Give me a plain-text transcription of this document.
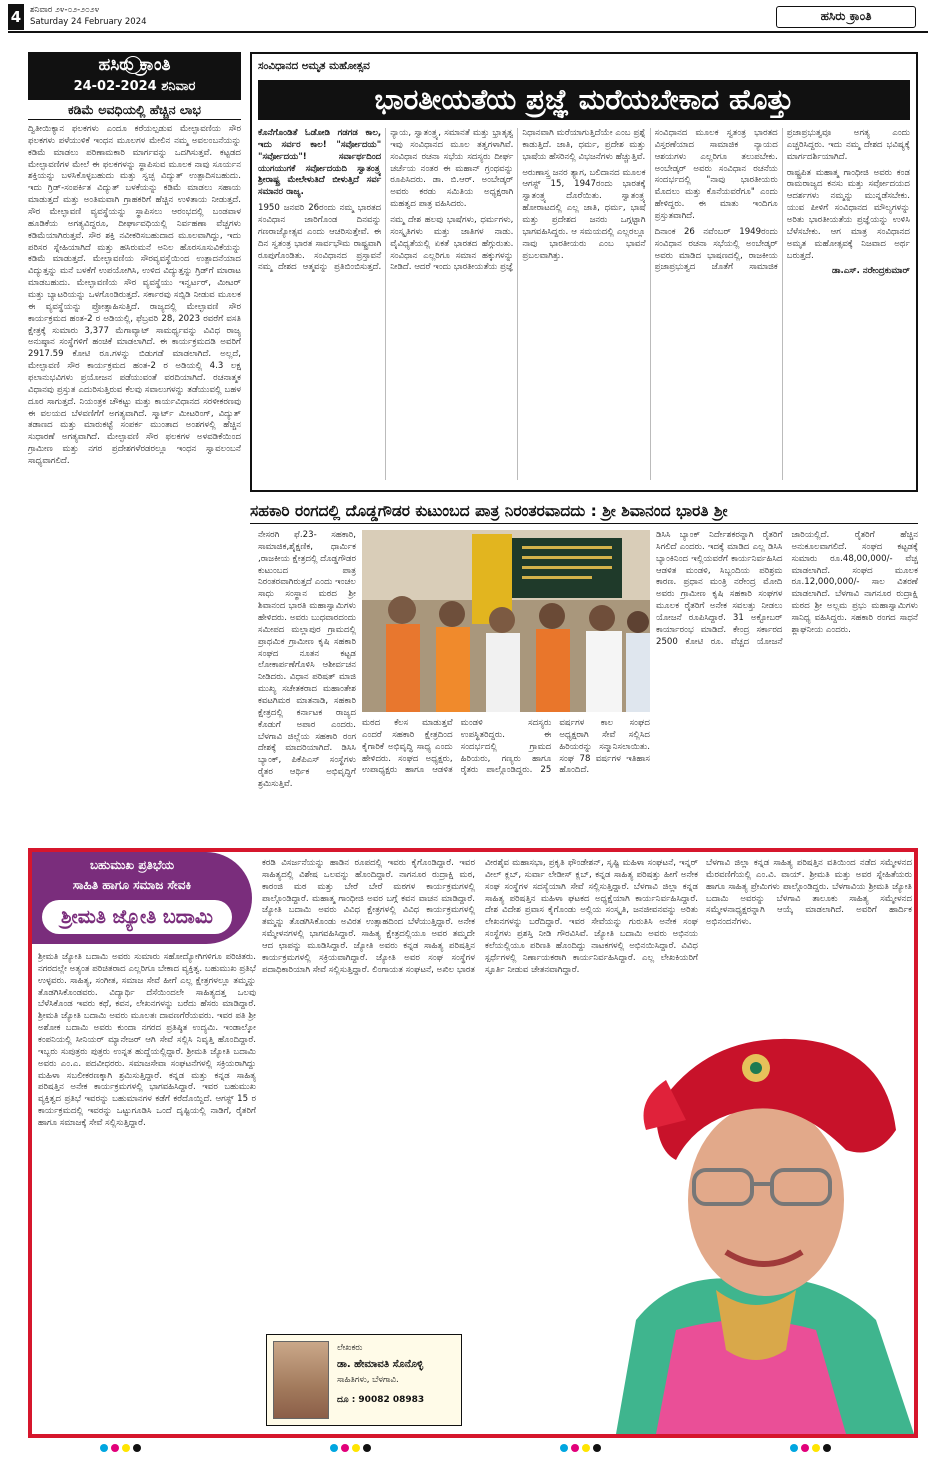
4	ಶನಿವಾರ ೨೪-೦೨-೨೦೨೪
Saturday 24 February 2024	ಹಸಿರು ಕ್ರಾಂತಿ
ಹಸಿರು ಕ್ರಾಂತಿ
24-02-2024 ಶನಿವಾರ
ಕಡಿಮೆ ಅವಧಿಯಲ್ಲಿ ಹೆಚ್ಚಿನ ಲಾಭ
ದ್ವಿತೀಯಿಕ್ಯಾನ ಫಲಕಗಳು ಎಂದೂ ಕರೆಯಲ್ಪಡುವ ಮೇಲ್ಛಾವಣಿಯ ಸೌರ ಫಲಕಗಳು ಪಳೆಯುಳಿಕೆ ಇಂಧನ ಮೂಲಗಳ ಮೇಲಿನ ನಮ್ಮ ಅವಲಂಬನೆಯನ್ನು ಕಡಿಮೆ ಮಾಡಲು ಪರಿಣಾಮಕಾರಿ ಮಾರ್ಗವನ್ನು ಒದಗಿಸುತ್ತವೆ. ಕಟ್ಟಡದ ಮೇಲ್ಛಾವಣಿಗಳ ಮೇಲೆ ಈ ಫಲಕಗಳನ್ನು ಸ್ಥಾಪಿಸುವ ಮೂಲಕ ನಾವು ಸೂರ್ಯನ ಶಕ್ತಿಯನ್ನು ಬಳಸಿಕೊಳ್ಳಬಹುದು ಮತ್ತು ಸ್ವಚ್ಛ ವಿದ್ಯುತ್ ಉತ್ಪಾದಿಸಬಹುದು. ಇದು ಗ್ರಿಡ್-ಸಂಪರ್ಕಿತ ವಿದ್ಯುತ್ ಬಳಕೆಯನ್ನು ಕಡಿಮೆ ಮಾಡಲು ಸಹಾಯ ಮಾಡುತ್ತದೆ ಮತ್ತು ಅಂತಿಮವಾಗಿ ಗ್ರಾಹಕರಿಗೆ ಹೆಚ್ಚಿನ ಉಳಿತಾಯ ನೀಡುತ್ತದೆ. ಸೌರ ಮೇಲ್ಛಾವಣಿ ವ್ಯವಸ್ಥೆಯನ್ನು ಸ್ಥಾಪಿಸಲು ಆರಂಭದಲ್ಲಿ ಬಂಡವಾಳ ಹೂಡಿಕೆಯ ಅಗತ್ಯವಿದ್ದರೂ, ದೀರ್ಘಾವಧಿಯಲ್ಲಿ ನಿರ್ವಹಣಾ ವೆಚ್ಚಗಳು ಕಡಿಮೆಯಾಗಿರುತ್ತವೆ. ಸೌರ ಶಕ್ತಿ ನವೀಕರಿಸಬಹುದಾದ ಮೂಲವಾಗಿದ್ದು, ಇದು ಪರಿಸರ ಸ್ನೇಹಿಯಾಗಿದೆ ಮತ್ತು ಹಸಿರುಮನೆ ಅನಿಲ ಹೊರಸೂಸುವಿಕೆಯನ್ನು ಕಡಿಮೆ ಮಾಡುತ್ತದೆ. ಮೇಲ್ಛಾವಣಿಯ ಸೌರವ್ಯವಸ್ಥೆಯಿಂದ ಉತ್ಪಾದನೆಯಾದ ವಿದ್ಯುತ್ತನ್ನು ಮನೆ ಬಳಕೆಗೆ ಉಪಯೋಗಿಸಿ, ಉಳಿದ ವಿದ್ಯುತ್ತನ್ನು ಗ್ರಿಡ್‌ಗೆ ಮಾರಾಟ ಮಾಡಬಹುದು. ಮೇಲ್ಛಾವಣಿಯ ಸೌರ ವ್ಯವಸ್ಥೆಯು ಇನ್ವರ್ಟರ್, ಮೀಟರ್ ಮತ್ತು ಬ್ಯಾಟರಿಯನ್ನು ಒಳಗೊಂಡಿರುತ್ತದೆ. ಸರ್ಕಾರವು ಸಬ್ಸಿಡಿ ನೀಡುವ ಮೂಲಕ ಈ ವ್ಯವಸ್ಥೆಯನ್ನು ಪ್ರೋತ್ಸಾಹಿಸುತ್ತಿದೆ. ರಾಜ್ಯದಲ್ಲಿ ಮೇಲ್ಛಾವಣಿ ಸೌರ ಕಾರ್ಯಕ್ರಮದ ಹಂತ-2 ರ ಅಡಿಯಲ್ಲಿ, ಫೆಬ್ರವರಿ 28, 2023 ರವರೆಗೆ ವಸತಿ ಕ್ಷೇತ್ರಕ್ಕೆ ಸುಮಾರು 3,377 ಮೆಗಾವ್ಯಾಟ್ ಸಾಮರ್ಥ್ಯವನ್ನು ವಿವಿಧ ರಾಜ್ಯ ಅನುಷ್ಠಾನ ಸಂಸ್ಥೆಗಳಿಗೆ ಹಂಚಿಕೆ ಮಾಡಲಾಗಿದೆ. ಈ ಕಾರ್ಯಕ್ರಮದಡಿ ಅವರಿಗೆ 2917.59 ಕೋಟಿ ರೂ.ಗಳನ್ನು ಬಿಡುಗಡೆ ಮಾಡಲಾಗಿದೆ. ಅಲ್ಲದೆ, ಮೇಲ್ಛಾವಣಿ ಸೌರ ಕಾರ್ಯಕ್ರಮದ ಹಂತ-2 ರ ಅಡಿಯಲ್ಲಿ 4.3 ಲಕ್ಷ ಫಲಾನುಭವಿಗಳು ಪ್ರಯೋಜನ ಪಡೆಯುವಂತೆ ವರದಿಯಾಗಿದೆ. ರಚನಾತ್ಮಕ ವಿಧಾನವು ಪ್ರಸ್ತುತ ಎದುರಿಸುತ್ತಿರುವ ಕೆಲವು ಸವಾಲುಗಳನ್ನು ತಡೆಯುವಲ್ಲಿ ಬಹಳ ದೂರ ಸಾಗುತ್ತದೆ. ನಿಯಂತ್ರಕ ಚೌಕಟ್ಟು ಮತ್ತು ಕಾರ್ಯವಿಧಾನದ ಸರಳೀಕರಣವು ಈ ವಲಯದ ಬೆಳವಣಿಗೆಗೆ ಅಗತ್ಯವಾಗಿದೆ. ಸ್ಮಾರ್ಟ್ ಮೀಟರಿಂಗ್, ವಿದ್ಯುತ್ ತಡಾಣದ ಮತ್ತು ಮಾರುಕಟ್ಟೆ ಸಂಪರ್ಕ ಮುಂತಾದ ಅಂಶಗಳಲ್ಲಿ ಹೆಚ್ಚಿನ ಸುಧಾರಣೆ ಅಗತ್ಯವಾಗಿದೆ. ಮೇಲ್ಛಾವಣಿ ಸೌರ ಫಲಕಗಳ ಅಳವಡಿಕೆಯಿಂದ ಗ್ರಾಮೀಣ ಮತ್ತು ನಗರ ಪ್ರದೇಶಗಳೆರಡರಲ್ಲೂ ಇಂಧನ ಸ್ವಾವಲಂಬನೆ ಸಾಧ್ಯವಾಗಲಿದೆ.
ಸಂವಿಧಾನದ ಅಮೃತ ಮಹೋತ್ಸವ
ಭಾರತೀಯತೆಯ ಪ್ರಜ್ಞೆ ಮರೆಯಬೇಕಾದ ಹೊತ್ತು

ಕೊನೆಗೊಂಡಿತೆ ಓಡೋಡಿ ಗಡಗಡ ಕಾಲ, ಇದು ಸರ್ವರ ಕಾಲ! "ಸರ್ವೋದಯ" "ಸರ್ವೋದಯ"! ಸರ್ವಾರ್ಥದಿಂದ ಯುಗಯುಗಕೆ ಸರ್ವೋದಯದಿ ಸ್ವಾತಂತ್ರ್ಯ ಶ್ರೀರಾಷ್ಟ್ರ ಮೇಲೇಳುತಿದೆ ಬೀಳುತ್ತಿದೆ ಸರ್ವ ಸಮಾನರ ರಾಜ್ಯ.

1950 ಜನವರಿ 26ರಂದು ನಮ್ಮ ಭಾರತದ ಸಂವಿಧಾನ ಜಾರಿಗೊಂಡ ದಿನವನ್ನು ಗಣರಾಜ್ಯೋತ್ಸವ ಎಂದು ಆಚರಿಸುತ್ತೇವೆ. ಈ ದಿನ ಸ್ವತಂತ್ರ ಭಾರತ ಸಾರ್ವಭೌಮ ರಾಷ್ಟ್ರವಾಗಿ ರೂಪುಗೊಂಡಿತು. ಸಂವಿಧಾನದ ಪ್ರಸ್ತಾವನೆ ನಮ್ಮ ದೇಶದ ಆತ್ಮವನ್ನು ಪ್ರತಿಬಿಂಬಿಸುತ್ತದೆ. ನ್ಯಾಯ, ಸ್ವಾತಂತ್ರ್ಯ, ಸಮಾನತೆ ಮತ್ತು ಭ್ರಾತೃತ್ವ ಇವು ಸಂವಿಧಾನದ ಮೂಲ ತತ್ವಗಳಾಗಿವೆ. ಸಂವಿಧಾನ ರಚನಾ ಸಭೆಯ ಸದಸ್ಯರು ದೀರ್ಘ ಚರ್ಚೆಯ ನಂತರ ಈ ಮಹಾನ್ ಗ್ರಂಥವನ್ನು ರೂಪಿಸಿದರು. ಡಾ. ಬಿ.ಆರ್. ಅಂಬೇಡ್ಕರ್ ಅವರು ಕರಡು ಸಮಿತಿಯ ಅಧ್ಯಕ್ಷರಾಗಿ ಮಹತ್ವದ ಪಾತ್ರ ವಹಿಸಿದರು.

ನಮ್ಮ ದೇಶ ಹಲವು ಭಾಷೆಗಳು, ಧರ್ಮಗಳು, ಸಂಸ್ಕೃತಿಗಳು ಮತ್ತು ಜಾತಿಗಳ ನಾಡು. ವೈವಿಧ್ಯತೆಯಲ್ಲಿ ಏಕತೆ ಭಾರತದ ಹೆಗ್ಗುರುತು. ಸಂವಿಧಾನ ಎಲ್ಲರಿಗೂ ಸಮಾನ ಹಕ್ಕುಗಳನ್ನು ನೀಡಿದೆ. ಆದರೆ ಇಂದು ಭಾರತೀಯತೆಯ ಪ್ರಜ್ಞೆ ನಿಧಾನವಾಗಿ ಮರೆಯಾಗುತ್ತಿದೆಯೇ ಎಂಬ ಪ್ರಶ್ನೆ ಕಾಡುತ್ತಿದೆ. ಜಾತಿ, ಧರ್ಮ, ಪ್ರದೇಶ ಮತ್ತು ಭಾಷೆಯ ಹೆಸರಿನಲ್ಲಿ ವಿಭಜನೆಗಳು ಹೆಚ್ಚುತ್ತಿವೆ.

ಅರುಣಾಸ್ತ್ರ ಜನರ ತ್ಯಾಗ, ಬಲಿದಾನದ ಮೂಲಕ ಆಗಸ್ಟ್ 15, 1947ರಂದು ಭಾರತಕ್ಕೆ ಸ್ವಾತಂತ್ರ್ಯ ದೊರೆಯಿತು. ಸ್ವಾತಂತ್ರ್ಯ ಹೋರಾಟದಲ್ಲಿ ಎಲ್ಲ ಜಾತಿ, ಧರ್ಮ, ಭಾಷೆ ಮತ್ತು ಪ್ರದೇಶದ ಜನರು ಒಗ್ಗಟ್ಟಾಗಿ ಭಾಗವಹಿಸಿದ್ದರು. ಆ ಸಮಯದಲ್ಲಿ ಎಲ್ಲರಲ್ಲೂ ನಾವು ಭಾರತೀಯರು ಎಂಬ ಭಾವನೆ ಪ್ರಬಲವಾಗಿತ್ತು.

ಸಂವಿಧಾನದ ಮೂಲಕ ಸ್ವತಂತ್ರ ಭಾರತದ ವಿಸ್ತರಣೆಯಾದ ಸಾಮಾಜಿಕ ನ್ಯಾಯದ ಆಶಯಗಳು ಎಲ್ಲರಿಗೂ ತಲುಪಬೇಕು. ಅಂಬೇಡ್ಕರ್ ಅವರು ಸಂವಿಧಾನ ರಚನೆಯ ಸಂದರ್ಭದಲ್ಲಿ "ನಾವು ಭಾರತೀಯರು ಮೊದಲು ಮತ್ತು ಕೊನೆಯವರೆಗೂ" ಎಂದು ಹೇಳಿದ್ದರು. ಈ ಮಾತು ಇಂದಿಗೂ ಪ್ರಸ್ತುತವಾಗಿದೆ.

ದಿನಾಂಕ 26 ನವೆಂಬರ್ 1949ರಂದು ಸಂವಿಧಾನ ರಚನಾ ಸಭೆಯಲ್ಲಿ ಅಂಬೇಡ್ಕರ್ ಅವರು ಮಾಡಿದ ಭಾಷಣದಲ್ಲಿ, ರಾಜಕೀಯ ಪ್ರಜಾಪ್ರಭುತ್ವದ ಜೊತೆಗೆ ಸಾಮಾಜಿಕ ಪ್ರಜಾಪ್ರಭುತ್ವವೂ ಅಗತ್ಯ ಎಂದು ಎಚ್ಚರಿಸಿದ್ದರು. ಇದು ನಮ್ಮ ದೇಶದ ಭವಿಷ್ಯಕ್ಕೆ ಮಾರ್ಗದರ್ಶಿಯಾಗಿದೆ.

ರಾಷ್ಟ್ರಪಿತ ಮಹಾತ್ಮ ಗಾಂಧೀಜಿ ಅವರು ಕಂಡ ರಾಮರಾಜ್ಯದ ಕನಸು ಮತ್ತು ಸರ್ವೋದಯದ ಆದರ್ಶಗಳು ನಮ್ಮನ್ನು ಮುನ್ನಡೆಸಬೇಕು. ಯುವ ಪೀಳಿಗೆ ಸಂವಿಧಾನದ ಮೌಲ್ಯಗಳನ್ನು ಅರಿತು ಭಾರತೀಯತೆಯ ಪ್ರಜ್ಞೆಯನ್ನು ಉಳಿಸಿ ಬೆಳೆಸಬೇಕು. ಆಗ ಮಾತ್ರ ಸಂವಿಧಾನದ ಅಮೃತ ಮಹೋತ್ಸವಕ್ಕೆ ನಿಜವಾದ ಅರ್ಥ ಬರುತ್ತದೆ.

ಡಾ.ಎಸ್. ನರೇಂದ್ರಕುಮಾರ್

ಸಹಕಾರಿ ರಂಗದಲ್ಲಿ ದೊಡ್ಡಗೌಡರ ಕುಟುಂಬದ ಪಾತ್ರ ನಿರಂತರವಾದದು : ಶ್ರೀ ಶಿವಾನಂದ ಭಾರತಿ ಶ್ರೀ
ನೇಸರಗಿ ಫೆ.23- ಸಹಕಾರಿ, ಸಾಮಾಜಿಕ,ಶೈಕ್ಷಣಿಕ, ಧಾರ್ಮಿಕ ,ರಾಜಕೀಯ ಕ್ಷೇತ್ರದಲ್ಲಿ ದೊಡ್ಡಗೌಡರ ಕುಟುಂಬದ ಪಾತ್ರ ನಿರಂತರವಾಗಿರುತ್ತದೆ ಎಂದು ಇಂಚಲ ಸಾಧು ಸಂಸ್ಥಾನ ಮಠದ ಶ್ರೀ ಶಿವಾನಂದ ಭಾರತಿ ಮಹಾಸ್ವಾಮಿಗಳು ಹೇಳಿದರು. ಅವರು ಬುಧವಾರದಂದು ಸಮೀಪದ ಮಲ್ಲಾಪುರ ಗ್ರಾಮದಲ್ಲಿ ಪ್ರಾಥಮಿಕ ಗ್ರಾಮೀಣ ಕೃಷಿ ಸಹಕಾರಿ ಸಂಘದ ನೂತನ ಕಟ್ಟಡ ಲೋಕಾರ್ಪಣೆಗೊಳಿಸಿ ಆಶೀರ್ವಚನ ನೀಡಿದರು. ವಿಧಾನ ಪರಿಷತ್ ಮಾಜಿ ಮುಖ್ಯ ಸಚೇತಕರಾದ ಮಹಾಂತೇಶ ಕವಟಗಿಮಠ ಮಾತನಾಡಿ, ಸಹಕಾರಿ ಕ್ಷೇತ್ರದಲ್ಲಿ ಕರ್ನಾಟಕ ರಾಜ್ಯದ ಕೊಡುಗೆ ಅಪಾರ ಎಂದರು. ಬೆಳಗಾವಿ ಜಿಲ್ಲೆಯ ಸಹಕಾರಿ ರಂಗ ದೇಶಕ್ಕೆ ಮಾದರಿಯಾಗಿದೆ. ಡಿಸಿಸಿ ಬ್ಯಾಂಕ್, ಪಿಕೆಪಿಎಸ್ ಸಂಸ್ಥೆಗಳು ರೈತರ ಆರ್ಥಿಕ ಅಭಿವೃದ್ಧಿಗೆ ಶ್ರಮಿಸುತ್ತಿವೆ.
ಮಠದ ಕೆಲಸ ಮಾಡುತ್ತವೆ ಎಂದರೆ ಸಹಕಾರಿ ಕ್ಷೇತ್ರದಿಂದ ಕೈಗಾರಿಕೆ ಅಭಿವೃದ್ಧಿ ಸಾಧ್ಯ ಎಂದು ಹೇಳಿದರು. ಸಂಘದ ಅಧ್ಯಕ್ಷರು, ಉಪಾಧ್ಯಕ್ಷರು ಹಾಗೂ ಆಡಳಿತ ಮಂಡಳಿ ಸದಸ್ಯರು ಉಪಸ್ಥಿತರಿದ್ದರು. ಈ ಸಂದರ್ಭದಲ್ಲಿ ಗ್ರಾಮದ ಹಿರಿಯರು, ಗಣ್ಯರು ಹಾಗೂ ರೈತರು ಪಾಲ್ಗೊಂಡಿದ್ದರು. 25 ವರ್ಷಗಳ ಕಾಲ ಸಂಘದ ಅಧ್ಯಕ್ಷರಾಗಿ ಸೇವೆ ಸಲ್ಲಿಸಿದ ಹಿರಿಯರನ್ನು ಸನ್ಮಾನಿಸಲಾಯಿತು. ಸಂಘ 78 ವರ್ಷಗಳ ಇತಿಹಾಸ ಹೊಂದಿದೆ.
ಡಿಸಿಸಿ ಬ್ಯಾಂಕ್ ನಿರ್ದೇಶಕರನ್ನಾಗಿ ರೈತರಿಗೆ ಸಿಗಲಿದೆ ಎಂದರು. ಇದಕ್ಕೆ ಮಾಡಿದ ಎಲ್ಲ ಡಿಸಿಸಿ ಬ್ಯಾಂಕಿನಿಂದ ಇಲ್ಲಿಯವರೆಗೆ ಕಾರ್ಯನಿರ್ವಹಿಸಿದ ಆಡಳಿತ ಮಂಡಳಿ, ಸಿಬ್ಬಂದಿಯ ಪರಿಶ್ರಮ ಕಾರಣ. ಪ್ರಧಾನ ಮಂತ್ರಿ ನರೇಂದ್ರ ಮೋದಿ ಅವರು ಗ್ರಾಮೀಣ ಕೃಷಿ ಸಹಕಾರಿ ಸಂಘಗಳ ಮೂಲಕ ರೈತರಿಗೆ ಅನೇಕ ಸವಲತ್ತು ನೀಡಲು ಯೋಜನೆ ರೂಪಿಸಿದ್ದಾರೆ. 31 ಅಕ್ಟೋಬರ್ ಕಾರ್ಯಾರಂಭ ಮಾಡಿದೆ. ಕೇಂದ್ರ ಸರ್ಕಾರದ 2500 ಕೋಟಿ ರೂ. ವೆಚ್ಚದ ಯೋಜನೆ ಜಾರಿಯಲ್ಲಿದೆ. ರೈತರಿಗೆ ಹೆಚ್ಚಿನ ಅನುಕೂಲವಾಗಲಿದೆ. ಸಂಘದ ಕಟ್ಟಡಕ್ಕೆ ಸುಮಾರು ರೂ.48,00,000/- ವೆಚ್ಚ ಮಾಡಲಾಗಿದೆ. ಸಂಘದ ಮೂಲಕ ರೂ.12,000,000/- ಸಾಲ ವಿತರಣೆ ಮಾಡಲಾಗಿದೆ. ಬೆಳಗಾವಿ ನಾಗನೂರ ರುದ್ರಾಕ್ಷಿ ಮಠದ ಶ್ರೀ ಅಲ್ಲಮ ಪ್ರಭು ಮಹಾಸ್ವಾಮಿಗಳು ಸಾನಿಧ್ಯ ವಹಿಸಿದ್ದರು. ಸಹಕಾರಿ ರಂಗದ ಸಾಧನೆ ಶ್ಲಾಘನೀಯ ಎಂದರು.
ಬಹುಮುಖ ಪ್ರತಿಭೆಯ
ಸಾಹಿತಿ ಹಾಗೂ ಸಮಾಜ ಸೇವಕಿ
ಶ್ರೀಮತಿ ಜ್ಯೋತಿ ಬದಾಮಿ
ಶ್ರೀಮತಿ ಜ್ಯೋತಿ ಬದಾಮಿ ಅವರು ಸುಮಾರು ಸಹೋದ್ಯೋಗಿಗಳಿಗೂ ಪರಿಚಿತರು. ನಗರದಲ್ಲೇ ಅತ್ಯಂತ ಪರಿಚಿತರಾದ ಎಲ್ಲರಿಗೂ ಬೇಕಾದ ವ್ಯಕ್ತಿತ್ವ. ಬಹುಮುಖ ಪ್ರತಿಭೆ ಉಳ್ಳವರು. ಸಾಹಿತ್ಯ, ಸಂಗೀತ, ಸಮಾಜ ಸೇವೆ ಹೀಗೆ ಎಲ್ಲ ಕ್ಷೇತ್ರಗಳಲ್ಲೂ ತಮ್ಮನ್ನು ತೊಡಗಿಸಿಕೊಂಡವರು. ವಿದ್ಯಾರ್ಥಿ ದೆಸೆಯಿಂದಲೇ ಸಾಹಿತ್ಯದತ್ತ ಒಲವು ಬೆಳೆಸಿಕೊಂಡ ಇವರು ಕಥೆ, ಕವನ, ಲೇಖನಗಳನ್ನು ಬರೆದು ಹೆಸರು ಮಾಡಿದ್ದಾರೆ. ಶ್ರೀಮತಿ ಜ್ಯೋತಿ ಬದಾಮಿ ಅವರು ಮೂಲತಃ ದಾವಣಗೆರೆಯವರು. ಇವರ ಪತಿ ಶ್ರೀ ಅಶೋಕ ಬದಾಮಿ ಅವರು ಕುಂದಾ ನಗರದ ಪ್ರತಿಷ್ಠಿತ ಉದ್ಯಮಿ. ಇಂಡಾಲ್ಕೋ ಕಂಪನಿಯಲ್ಲಿ ಸೀನಿಯರ್ ಮ್ಯಾನೇಜರ್ ಆಗಿ ಸೇವೆ ಸಲ್ಲಿಸಿ ನಿವೃತ್ತಿ ಹೊಂದಿದ್ದಾರೆ. ಇಬ್ಬರು ಸುಪುತ್ರರು ಪುತ್ರರು ಉನ್ನತ ಹುದ್ದೆಯಲ್ಲಿದ್ದಾರೆ. ಶ್ರೀಮತಿ ಜ್ಯೋತಿ ಬದಾಮಿ ಅವರು ಎಂ.ಎ. ಪದವೀಧರರು. ಸಮಾಜಸೇವಾ ಸಂಘಟನೆಗಳಲ್ಲಿ ಸಕ್ರಿಯರಾಗಿದ್ದು ಮಹಿಳಾ ಸಬಲೀಕರಣಕ್ಕಾಗಿ ಶ್ರಮಿಸುತ್ತಿದ್ದಾರೆ. ಕನ್ನಡ ಮತ್ತು ಕನ್ನಡ ಸಾಹಿತ್ಯ ಪರಿಷತ್ತಿನ ಅನೇಕ ಕಾರ್ಯಕ್ರಮಗಳಲ್ಲಿ ಭಾಗವಹಿಸಿದ್ದಾರೆ. ಇವರ ಬಹುಮುಖ ವ್ಯಕ್ತಿತ್ವದ ಪ್ರತಿಭೆ ಇವರನ್ನು ಬಹುಮಾನಗಳ ಕಡೆಗೆ ಕರೆದೊಯ್ದಿದೆ. ಆಗಸ್ಟ್ 15 ರ ಕಾರ್ಯಕ್ರಮದಲ್ಲಿ ಇವರನ್ನು ಒಟ್ಟುಗೂಡಿಸಿ ಒಂದೆ ದೃಷ್ಟಿಯಲ್ಲಿ ನಾಡಿಗೆ, ರೈತರಿಗೆ ಹಾಗೂ ಸಮಾಜಕ್ಕೆ ಸೇವೆ ಸಲ್ಲಿಸುತ್ತಿದ್ದಾರೆ.
ಕರಡಿ ವಿಸರ್ಜನೆಯನ್ನು ಹಾಡಿನ ರೂಪದಲ್ಲಿ ಇವರು ಕೈಗೊಂಡಿದ್ದಾರೆ. ಇವರ ಸಾಹಿತ್ಯದಲ್ಲಿ ವಿಶೇಷ ಒಲವನ್ನು ಹೊಂದಿದ್ದಾರೆ. ನಾಗನೂರ ರುದ್ರಾಕ್ಷಿ ಮಠ, ಕಾರಂಜಿ ಮಠ ಮತ್ತು ಬೇರೆ ಬೇರೆ ಮಠಗಳ ಕಾರ್ಯಕ್ರಮಗಳಲ್ಲಿ ಪಾಲ್ಗೊಂಡಿದ್ದಾರೆ. ಮಹಾತ್ಮ ಗಾಂಧೀಜಿ ಅವರ ಬಗ್ಗೆ ಕವನ ವಾಚನ ಮಾಡಿದ್ದಾರೆ. ಜ್ಯೋತಿ ಬದಾಮಿ ಅವರು ವಿವಿಧ ಕ್ಷೇತ್ರಗಳಲ್ಲಿ ವಿವಿಧ ಕಾರ್ಯಕ್ರಮಗಳಲ್ಲಿ ತಮ್ಮನ್ನು ತೊಡಗಿಸಿಕೊಂಡು ಅವಿರತ ಉತ್ಸಾಹದಿಂದ ಬೆಳೆಯುತ್ತಿದ್ದಾರೆ. ಅನೇಕ ಸಮ್ಮೇಳನಗಳಲ್ಲಿ ಭಾಗವಹಿಸಿದ್ದಾರೆ. ಸಾಹಿತ್ಯ ಕ್ಷೇತ್ರದಲ್ಲಿಯೂ ಅವರ ತಮ್ಮದೇ ಆದ ಛಾಪನ್ನು ಮೂಡಿಸಿದ್ದಾರೆ. ಜ್ಯೋತಿ ಅವರು ಕನ್ನಡ ಸಾಹಿತ್ಯ ಪರಿಷತ್ತಿನ ಕಾರ್ಯಕ್ರಮಗಳಲ್ಲಿ ಸಕ್ರಿಯವಾಗಿದ್ದಾರೆ. ಜ್ಯೋತಿ ಅವರ ಸಂಘ ಸಂಸ್ಥೆಗಳ ಪದಾಧಿಕಾರಿಯಾಗಿ ಸೇವೆ ಸಲ್ಲಿಸುತ್ತಿದ್ದಾರೆ. ಲಿಂಗಾಯತ ಸಂಘಟನೆ, ಅಖಿಲ ಭಾರತ ವೀರಶೈವ ಮಹಾಸಭಾ, ಪ್ರಕೃತಿ ಫೌಂಡೇಶನ್, ಸೃಷ್ಟಿ ಮಹಿಳಾ ಸಂಘಟನೆ, ಇನ್ನರ್ ವೀಲ್ ಕ್ಲಬ್, ಸುರ್ವಾ ಲೇಡೀಸ್ ಕ್ಲಬ್, ಕನ್ನಡ ಸಾಹಿತ್ಯ ಪರಿಷತ್ತು ಹೀಗೆ ಅನೇಕ ಸಂಘ ಸಂಸ್ಥೆಗಳ ಸದಸ್ಯೆಯಾಗಿ ಸೇವೆ ಸಲ್ಲಿಸುತ್ತಿದ್ದಾರೆ. ಬೆಳಗಾವಿ ಜಿಲ್ಲಾ ಕನ್ನಡ ಸಾಹಿತ್ಯ ಪರಿಷತ್ತಿನ ಮಹಿಳಾ ಘಟಕದ ಅಧ್ಯಕ್ಷೆಯಾಗಿ ಕಾರ್ಯನಿರ್ವಹಿಸಿದ್ದಾರೆ. ದೇಶ ವಿದೇಶ ಪ್ರವಾಸ ಕೈಗೊಂಡು ಅಲ್ಲಿಯ ಸಂಸ್ಕೃತಿ, ಜನಜೀವನವನ್ನು ಅರಿತು ಲೇಖನಗಳನ್ನು ಬರೆದಿದ್ದಾರೆ. ಇವರ ಸೇವೆಯನ್ನು ಗುರುತಿಸಿ ಅನೇಕ ಸಂಘ ಸಂಸ್ಥೆಗಳು ಪ್ರಶಸ್ತಿ ನೀಡಿ ಗೌರವಿಸಿವೆ. ಜ್ಯೋತಿ ಬದಾಮಿ ಅವರು ಅಭಿನಯ ಕಲೆಯಲ್ಲಿಯೂ ಪರಿಣತಿ ಹೊಂದಿದ್ದು ನಾಟಕಗಳಲ್ಲಿ ಅಭಿನಯಿಸಿದ್ದಾರೆ. ವಿವಿಧ ಸ್ಪರ್ಧೆಗಳಲ್ಲಿ ನಿರ್ಣಾಯಕರಾಗಿ ಕಾರ್ಯನಿರ್ವಹಿಸಿದ್ದಾರೆ. ಎಲ್ಲ ಲೇಖಕಿಯರಿಗೆ ಸ್ಫೂರ್ತಿ ನೀಡುವ ಚೇತನವಾಗಿದ್ದಾರೆ.
ಬೆಳಗಾವಿ ಜಿಲ್ಲಾ ಕನ್ನಡ ಸಾಹಿತ್ಯ ಪರಿಷತ್ತಿನ ವತಿಯಿಂದ ನಡೆದ ಸಮ್ಮೇಳನದ ಮೆರವಣಿಗೆಯಲ್ಲಿ ಎಂ.ವಿ. ವಾಯ್. ಶ್ರೀಮತಿ ಮತ್ತು ಅವರ ಸ್ನೇಹಿತೆಯರು ಹಾಗೂ ಸಾಹಿತ್ಯ ಪ್ರೇಮಿಗಳು ಪಾಲ್ಗೊಂಡಿದ್ದರು. ಬೆಳಗಾವಿಯ ಶ್ರೀಮತಿ ಜ್ಯೋತಿ ಬದಾಮಿ ಅವರನ್ನು ಬೆಳಗಾವಿ ತಾಲೂಕು ಸಾಹಿತ್ಯ ಸಮ್ಮೇಳನದ ಸಮ್ಮೇಳನಾಧ್ಯಕ್ಷರನ್ನಾಗಿ ಆಯ್ಕೆ ಮಾಡಲಾಗಿದೆ. ಅವರಿಗೆ ಹಾರ್ದಿಕ ಅಭಿನಂದನೆಗಳು.
ಲೇಖಕರು
ಡಾ. ಹೇಮಾವತಿ ಸೊನೊಳ್ಳಿ
ಸಾಹಿತಿಗಳು, ಬೆಳಗಾವಿ.
ದೂ : 90082 08983
